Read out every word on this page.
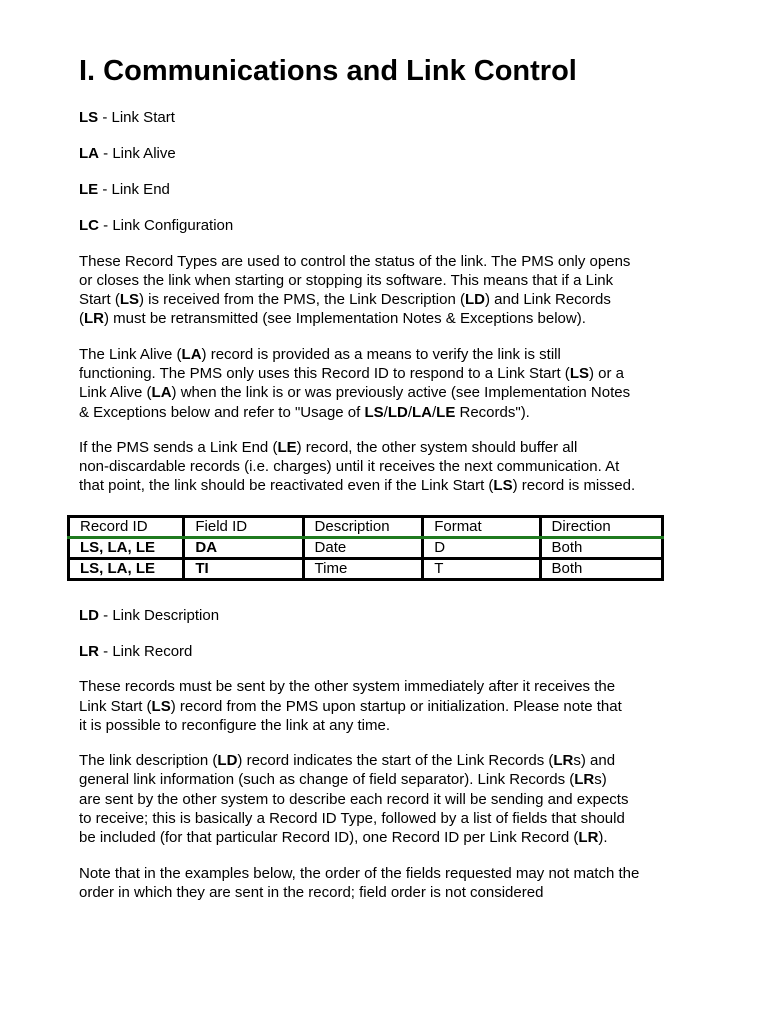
I. Communications and Link Control

LS - Link Start

LA - Link Alive

LE - Link End

LC - Link Configuration

These Record Types are used to control the status of the link. The PMS only opens
or closes the link when starting or stopping its software. This means that if a Link
Start (LS) is received from the PMS, the Link Description (LD) and Link Records
(LR) must be retransmitted (see Implementation Notes & Exceptions below).

The Link Alive (LA) record is provided as a means to verify the link is still
functioning. The PMS only uses this Record ID to respond to a Link Start (LS) or a
Link Alive (LA) when the link is or was previously active (see Implementation Notes
& Exceptions below and refer to "Usage of LS/LD/LA/LE Records").

If the PMS sends a Link End (LE) record, the other system should buffer all
non-discardable records (i.e. charges) until it receives the next communication. At
that point, the link should be reactivated even if the Link Start (LS) record is missed.

Record ID	Field ID	Description	Format	Direction
LS, LA, LE	DA	Date	D	Both
LS, LA, LE	TI	Time	T	Both

LD - Link Description

LR - Link Record

These records must be sent by the other system immediately after it receives the
Link Start (LS) record from the PMS upon startup or initialization. Please note that
it is possible to reconfigure the link at any time.

The link description (LD) record indicates the start of the Link Records (LRs) and
general link information (such as change of field separator). Link Records (LRs)
are sent by the other system to describe each record it will be sending and expects
to receive; this is basically a Record ID Type, followed by a list of fields that should
be included (for that particular Record ID), one Record ID per Link Record (LR).

Note that in the examples below, the order of the fields requested may not match the
order in which they are sent in the record; field order is not considered
